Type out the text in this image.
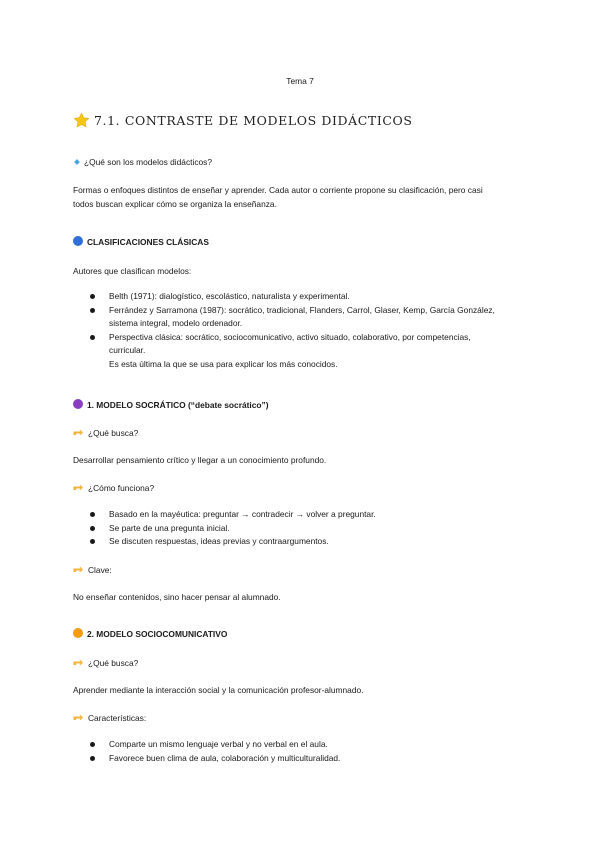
Tema 7
7.1. CONTRASTE DE MODELOS DIDÁCTICOS
¿Qué son los modelos didácticos?
Formas o enfoques distintos de enseñar y aprender. Cada autor o corriente propone su clasificación, pero casi
todos buscan explicar cómo se organiza la enseñanza.
CLASIFICACIONES CLÁSICAS
Autores que clasifican modelos:
Belth (1971): dialogístico, escolástico, naturalista y experimental.
Ferrández y Sarramona (1987): socrático, tradicional, Flanders, Carrol, Glaser, Kemp, García González,
sistema integral, modelo ordenador.
Perspectiva clásica: socrático, sociocomunicativo, activo situado, colaborativo, por competencias,
curricular.
Es esta última la que se usa para explicar los más conocidos.
1. MODELO SOCRÁTICO (“debate socrático”)
¿Qué busca?
Desarrollar pensamiento crítico y llegar a un conocimiento profundo.
¿Cómo funciona?
Basado en la mayéutica: preguntar → contradecir → volver a preguntar.
Se parte de una pregunta inicial.
Se discuten respuestas, ideas previas y contraargumentos.
Clave:
No enseñar contenidos, sino hacer pensar al alumnado.
2. MODELO SOCIOCOMUNICATIVO
¿Qué busca?
Aprender mediante la interacción social y la comunicación profesor-alumnado.
Características:
Comparte un mismo lenguaje verbal y no verbal en el aula.
Favorece buen clima de aula, colaboración y multiculturalidad.
